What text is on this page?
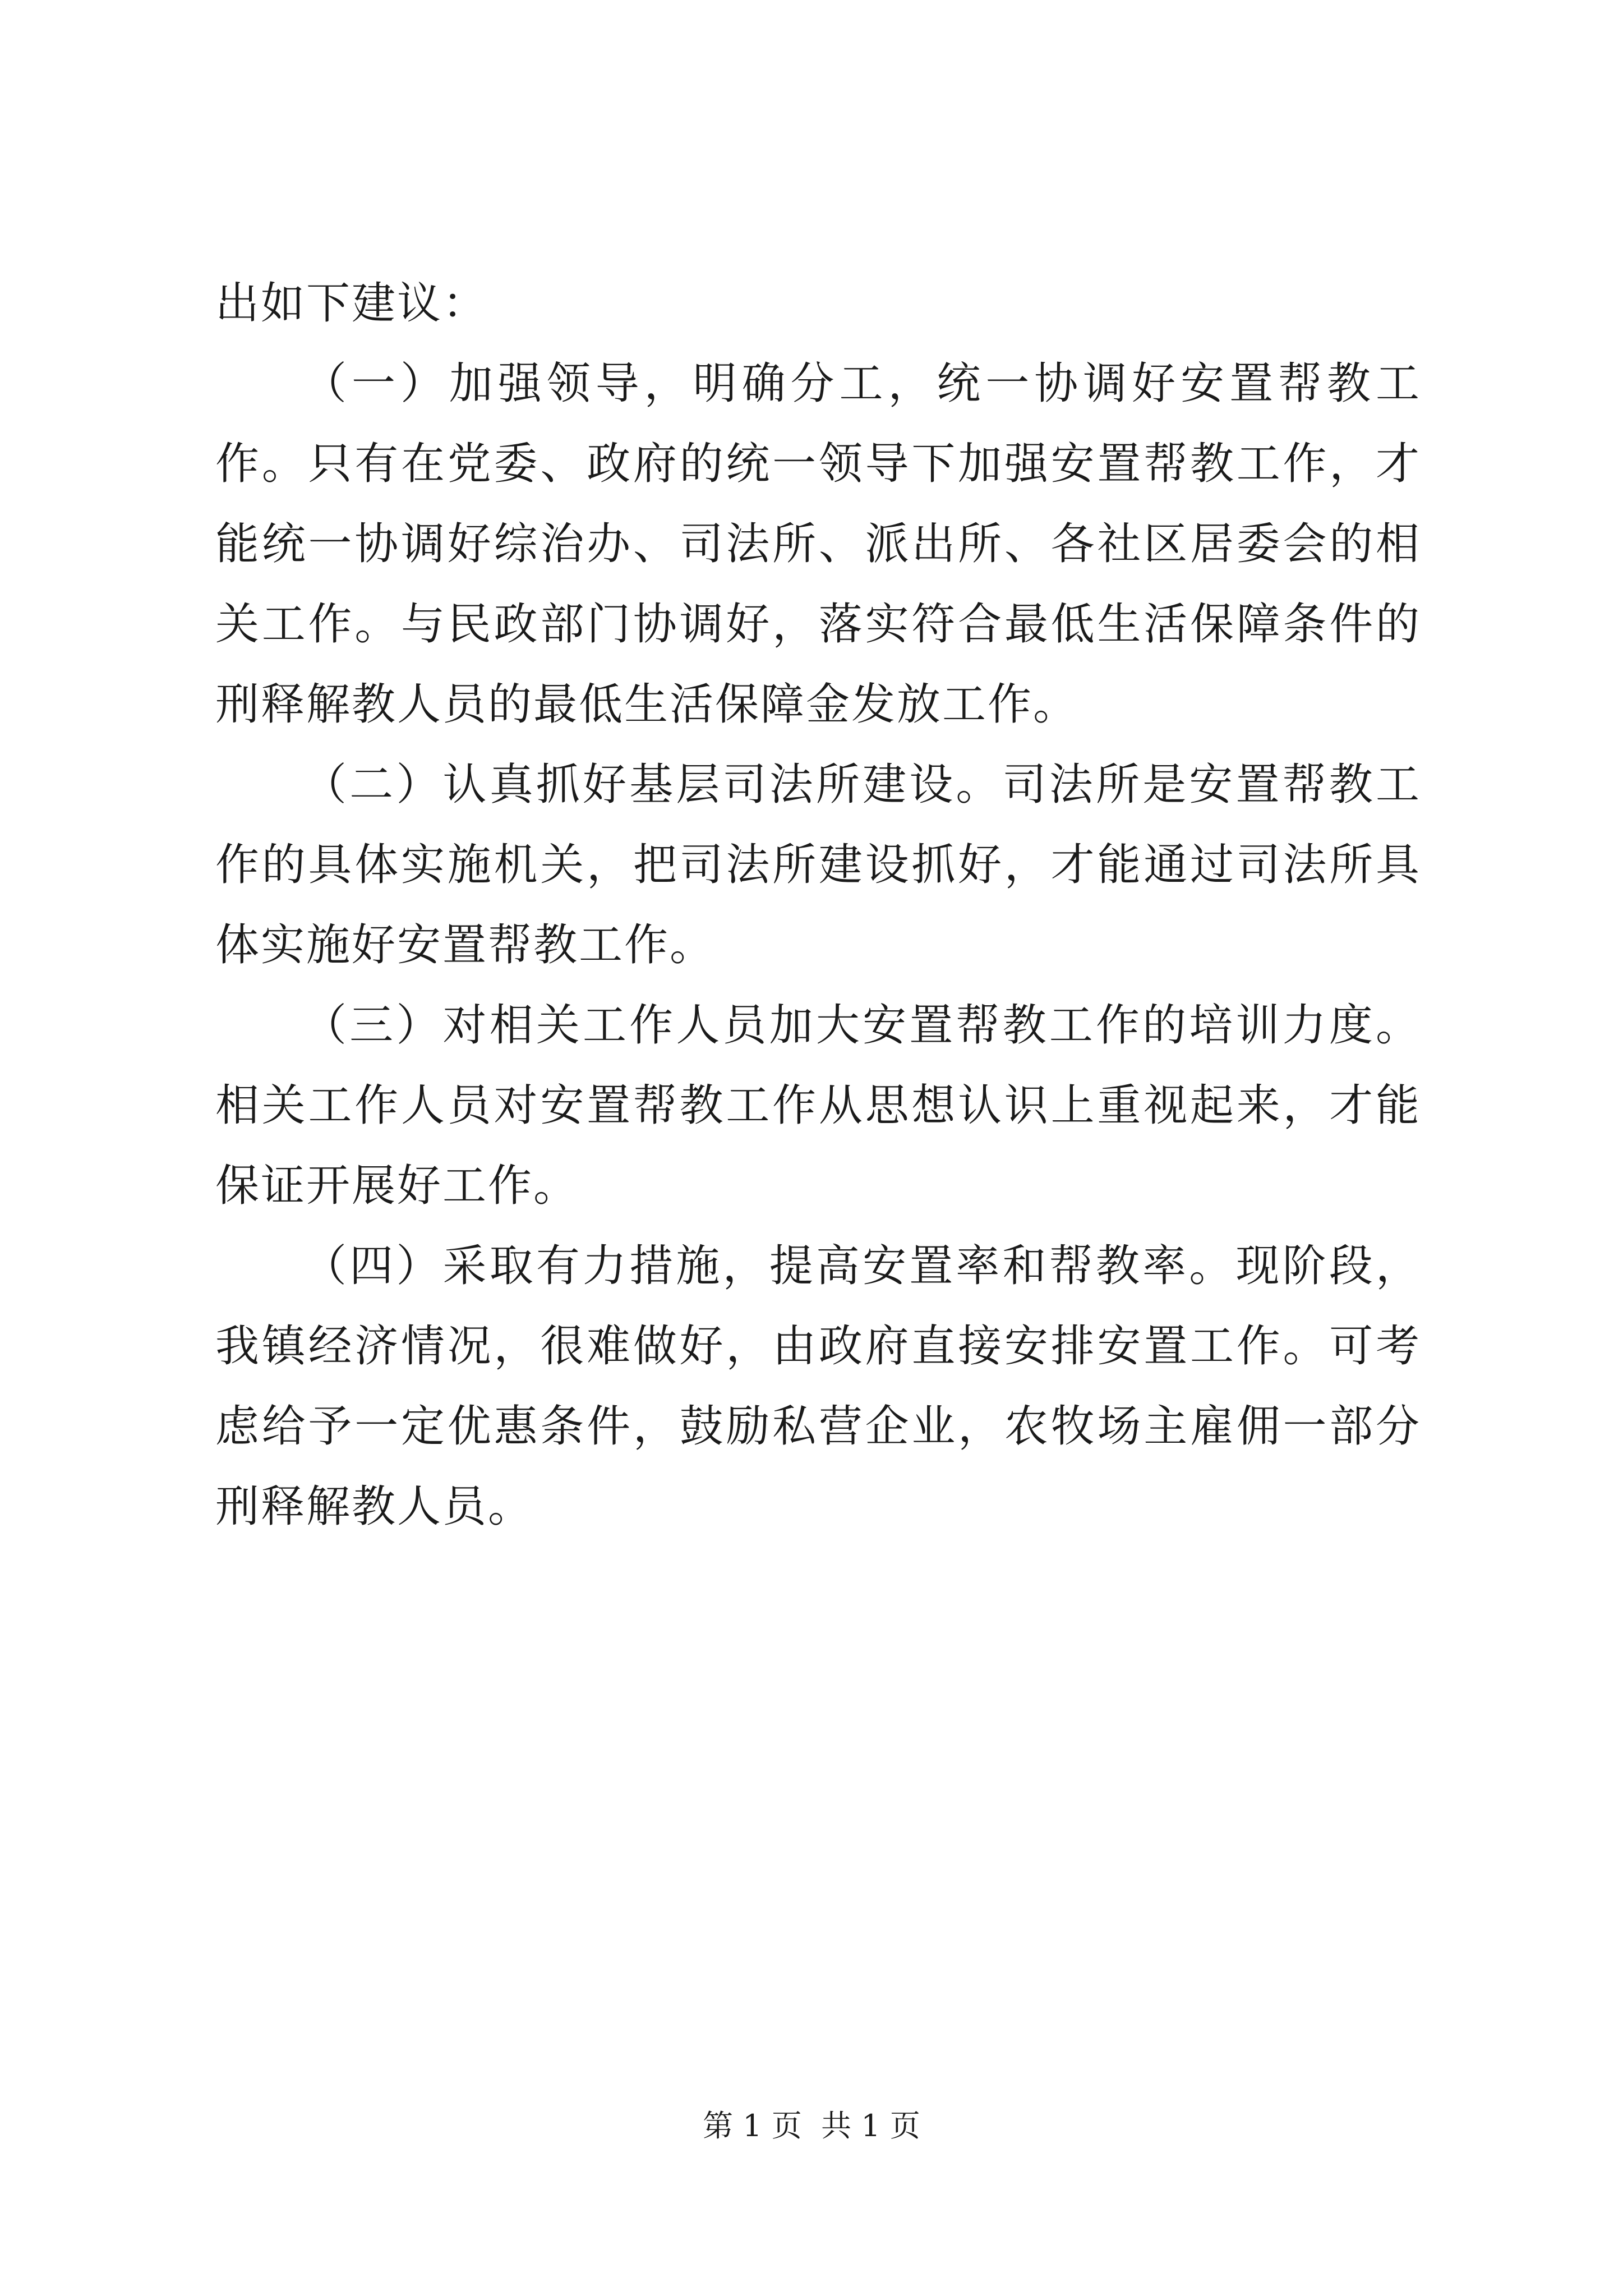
出如下建议：

（一）加强领导，明确分工，统一协调好安置帮教工作。只有在党委、政府的统一领导下加强安置帮教工作，才能统一协调好综治办、司法所、派出所、各社区居委会的相关工作。与民政部门协调好，落实符合最低生活保障条件的刑释解教人员的最低生活保障金发放工作。

（二）认真抓好基层司法所建设。司法所是安置帮教工作的具体实施机关，把司法所建设抓好，才能通过司法所具体实施好安置帮教工作。

（三）对相关工作人员加大安置帮教工作的培训力度。相关工作人员对安置帮教工作从思想认识上重视起来，才能保证开展好工作。

（四）采取有力措施，提高安置率和帮教率。现阶段，我镇经济情况，很难做好，由政府直接安排安置工作。可考虑给予一定优惠条件，鼓励私营企业，农牧场主雇佣一部分刑释解教人员。

第 1 页  共 1 页
